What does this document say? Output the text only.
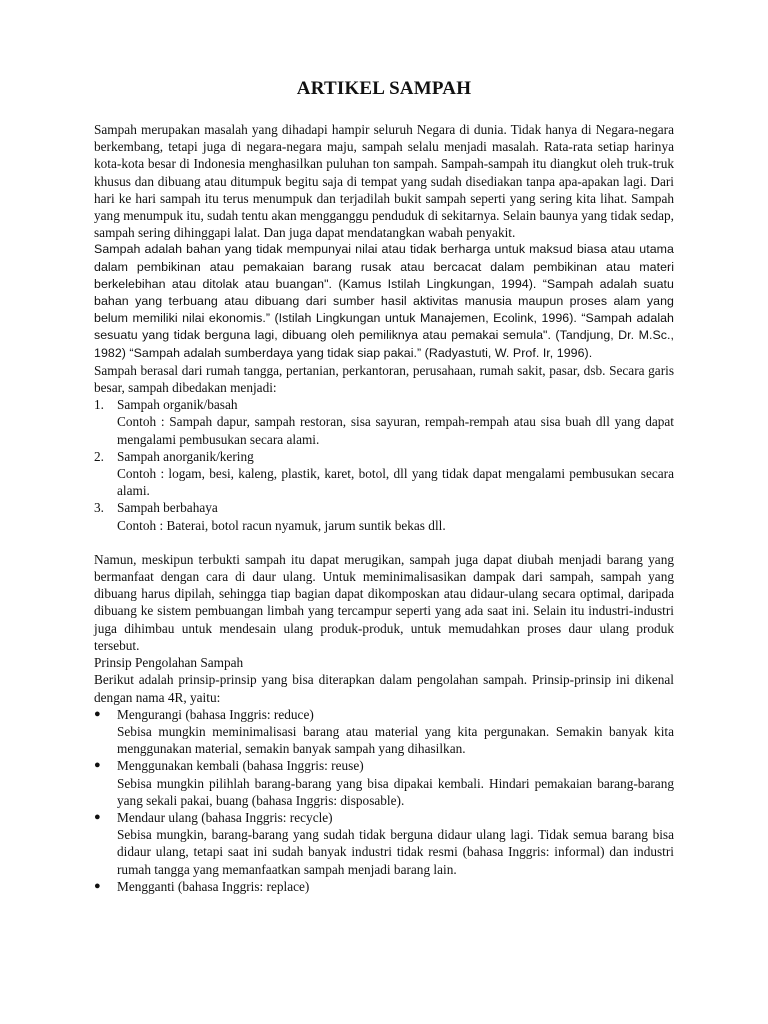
ARTIKEL SAMPAH

Sampah merupakan masalah yang dihadapi hampir seluruh Negara di dunia. Tidak hanya di Negara-negara berkembang, tetapi juga di negara-negara maju, sampah selalu menjadi masalah. Rata-rata setiap harinya kota-kota besar di Indonesia menghasilkan puluhan ton sampah. Sampah-sampah itu diangkut oleh truk-truk khusus dan dibuang atau ditumpuk begitu saja di tempat yang sudah disediakan tanpa apa-apakan lagi. Dari hari ke hari sampah itu terus menumpuk dan terjadilah bukit sampah seperti yang sering kita lihat. Sampah yang menumpuk itu, sudah tentu akan mengganggu penduduk di sekitarnya. Selain baunya yang tidak sedap, sampah sering dihinggapi lalat. Dan juga dapat mendatangkan wabah penyakit.

Sampah adalah bahan yang tidak mempunyai nilai atau tidak berharga untuk maksud biasa atau utama dalam pembikinan atau pemakaian barang rusak atau bercacat dalam pembikinan atau materi berkelebihan atau ditolak atau buangan". (Kamus Istilah Lingkungan, 1994). “Sampah adalah suatu bahan yang terbuang atau dibuang dari sumber hasil aktivitas manusia maupun proses alam yang belum memiliki nilai ekonomis.” (Istilah Lingkungan untuk Manajemen, Ecolink, 1996). “Sampah adalah sesuatu yang tidak berguna lagi, dibuang oleh pemiliknya atau pemakai semula". (Tandjung, Dr. M.Sc., 1982) “Sampah adalah sumberdaya yang tidak siap pakai.” (Radyastuti, W. Prof. Ir, 1996).

Sampah berasal dari rumah tangga, pertanian, perkantoran, perusahaan, rumah sakit, pasar, dsb. Secara garis besar, sampah dibedakan menjadi:

1. Sampah organik/basah

Contoh : Sampah dapur, sampah restoran, sisa sayuran, rempah-rempah atau sisa buah dll yang dapat mengalami pembusukan secara alami.

2. Sampah anorganik/kering

Contoh : logam, besi, kaleng, plastik, karet, botol, dll yang tidak dapat mengalami pembusukan secara alami.

3. Sampah berbahaya

Contoh : Baterai, botol racun nyamuk, jarum suntik bekas dll.

Namun, meskipun terbukti sampah itu dapat merugikan, sampah juga dapat diubah menjadi barang yang bermanfaat dengan cara di daur ulang. Untuk meminimalisasikan dampak dari sampah, sampah yang dibuang harus dipilah, sehingga tiap bagian dapat dikomposkan atau didaur-ulang secara optimal, daripada dibuang ke sistem pembuangan limbah yang tercampur seperti yang ada saat ini. Selain itu industri-industri juga dihimbau untuk mendesain ulang produk-produk, untuk memudahkan proses daur ulang produk tersebut.

Prinsip Pengolahan Sampah

Berikut adalah prinsip-prinsip yang bisa diterapkan dalam pengolahan sampah. Prinsip-prinsip ini dikenal dengan nama 4R, yaitu:

●	Mengurangi (bahasa Inggris: reduce)

Sebisa mungkin meminimalisasi barang atau material yang kita pergunakan. Semakin banyak kita menggunakan material, semakin banyak sampah yang dihasilkan.

●	Menggunakan kembali (bahasa Inggris: reuse)

Sebisa mungkin pilihlah barang-barang yang bisa dipakai kembali. Hindari pemakaian barang-barang yang sekali pakai, buang (bahasa Inggris: disposable).

●	Mendaur ulang (bahasa Inggris: recycle)

Sebisa mungkin, barang-barang yang sudah tidak berguna didaur ulang lagi. Tidak semua barang bisa didaur ulang, tetapi saat ini sudah banyak industri tidak resmi (bahasa Inggris: informal) dan industri rumah tangga yang memanfaatkan sampah menjadi barang lain.

●	Mengganti (bahasa Inggris: replace)
